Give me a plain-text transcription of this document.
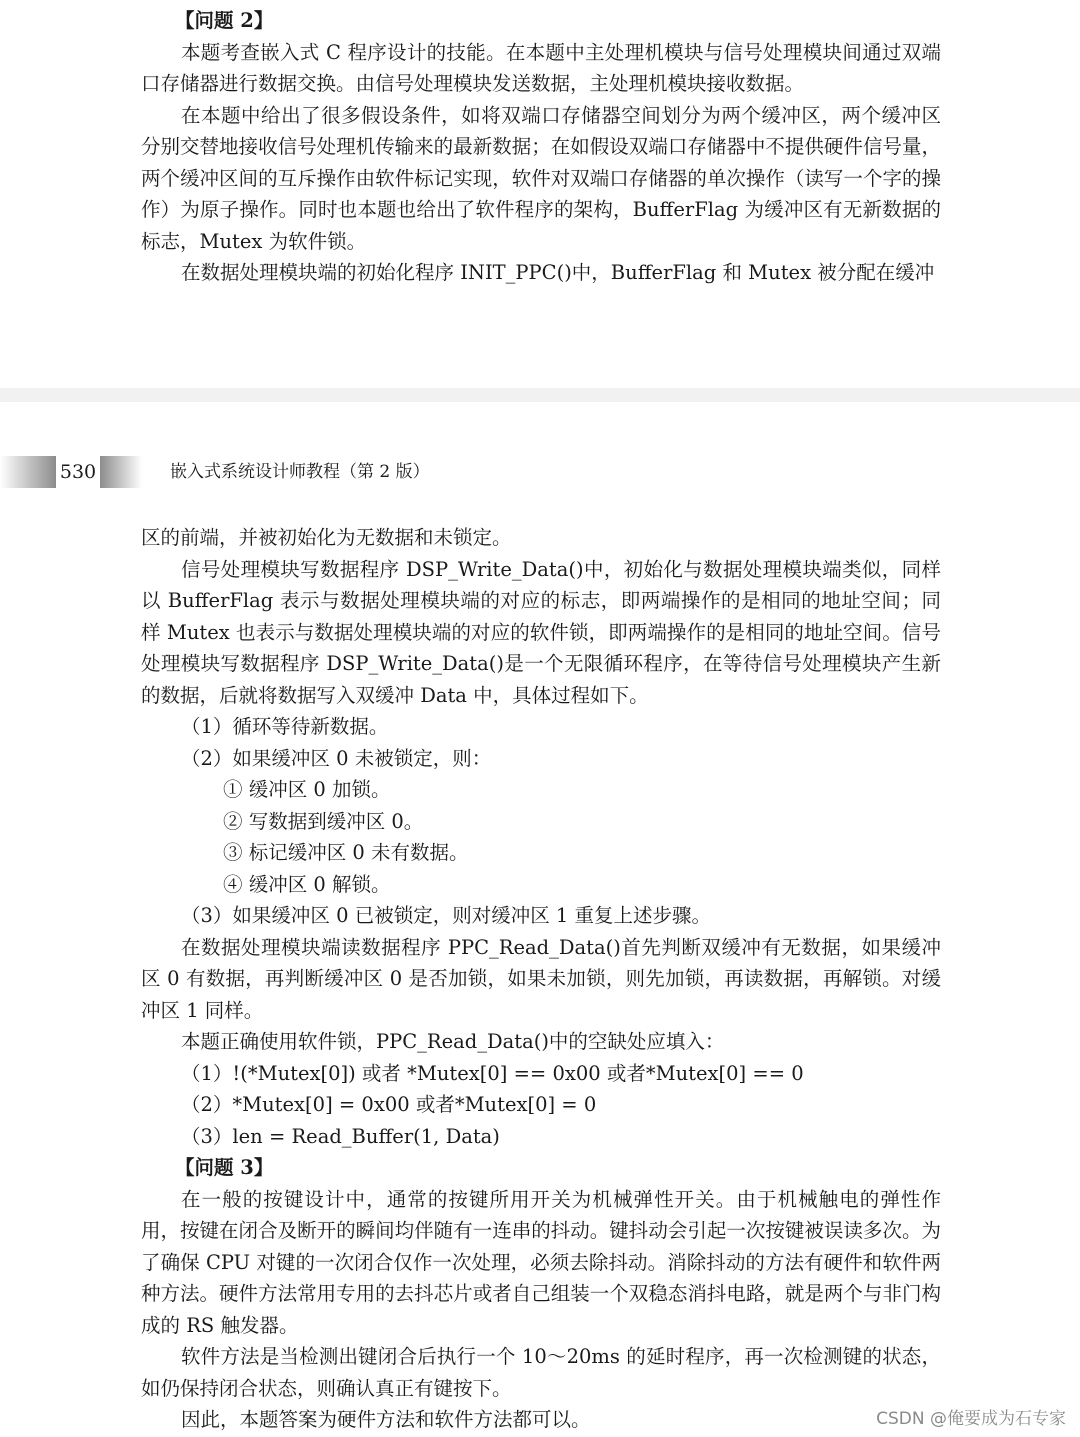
【问题 2】

本题考查嵌入式 C 程序设计的技能。在本题中主处理机模块与信号处理模块间通过双端口存储器进行数据交换。由信号处理模块发送数据，主处理机模块接收数据。

在本题中给出了很多假设条件，如将双端口存储器空间划分为两个缓冲区，两个缓冲区分别交替地接收信号处理机传输来的最新数据；在如假设双端口存储器中不提供硬件信号量，两个缓冲区间的互斥操作由软件标记实现，软件对双端口存储器的单次操作（读写一个字的操作）为原子操作。同时也本题也给出了软件程序的架构，BufferFlag 为缓冲区有无新数据的标志，Mutex 为软件锁。

在数据处理模块端的初始化程序 INIT_PPC()中，BufferFlag 和 Mutex 被分配在缓冲

530	嵌入式系统设计师教程（第 2 版）

区的前端，并被初始化为无数据和未锁定。

信号处理模块写数据程序 DSP_Write_Data()中，初始化与数据处理模块端类似，同样以 BufferFlag 表示与数据处理模块端的对应的标志，即两端操作的是相同的地址空间；同样 Mutex 也表示与数据处理模块端的对应的软件锁，即两端操作的是相同的地址空间。信号处理模块写数据程序 DSP_Write_Data()是一个无限循环程序，在等待信号处理模块产生新的数据，后就将数据写入双缓冲 Data 中，具体过程如下。

（1）循环等待新数据。

（2）如果缓冲区 0 未被锁定，则：

① 缓冲区 0 加锁。

② 写数据到缓冲区 0。

③ 标记缓冲区 0 未有数据。

④ 缓冲区 0 解锁。

（3）如果缓冲区 0 已被锁定，则对缓冲区 1 重复上述步骤。

在数据处理模块端读数据程序 PPC_Read_Data()首先判断双缓冲有无数据，如果缓冲区 0 有数据，再判断缓冲区 0 是否加锁，如果未加锁，则先加锁，再读数据，再解锁。对缓冲区 1 同样。

本题正确使用软件锁，PPC_Read_Data()中的空缺处应填入：

（1）!(*Mutex[0]) 或者 *Mutex[0] == 0x00 或者*Mutex[0] == 0

（2）*Mutex[0] = 0x00 或者*Mutex[0] = 0

（3）len = Read_Buffer(1, Data)

【问题 3】

在一般的按键设计中，通常的按键所用开关为机械弹性开关。由于机械触电的弹性作用，按键在闭合及断开的瞬间均伴随有一连串的抖动。键抖动会引起一次按键被误读多次。为了确保 CPU 对键的一次闭合仅作一次处理，必须去除抖动。消除抖动的方法有硬件和软件两种方法。硬件方法常用专用的去抖芯片或者自己组装一个双稳态消抖电路，就是两个与非门构成的 RS 触发器。

软件方法是当检测出键闭合后执行一个 10～20ms 的延时程序，再一次检测键的状态，如仍保持闭合状态，则确认真正有键按下。

因此，本题答案为硬件方法和软件方法都可以。	CSDN @俺要成为石专家
